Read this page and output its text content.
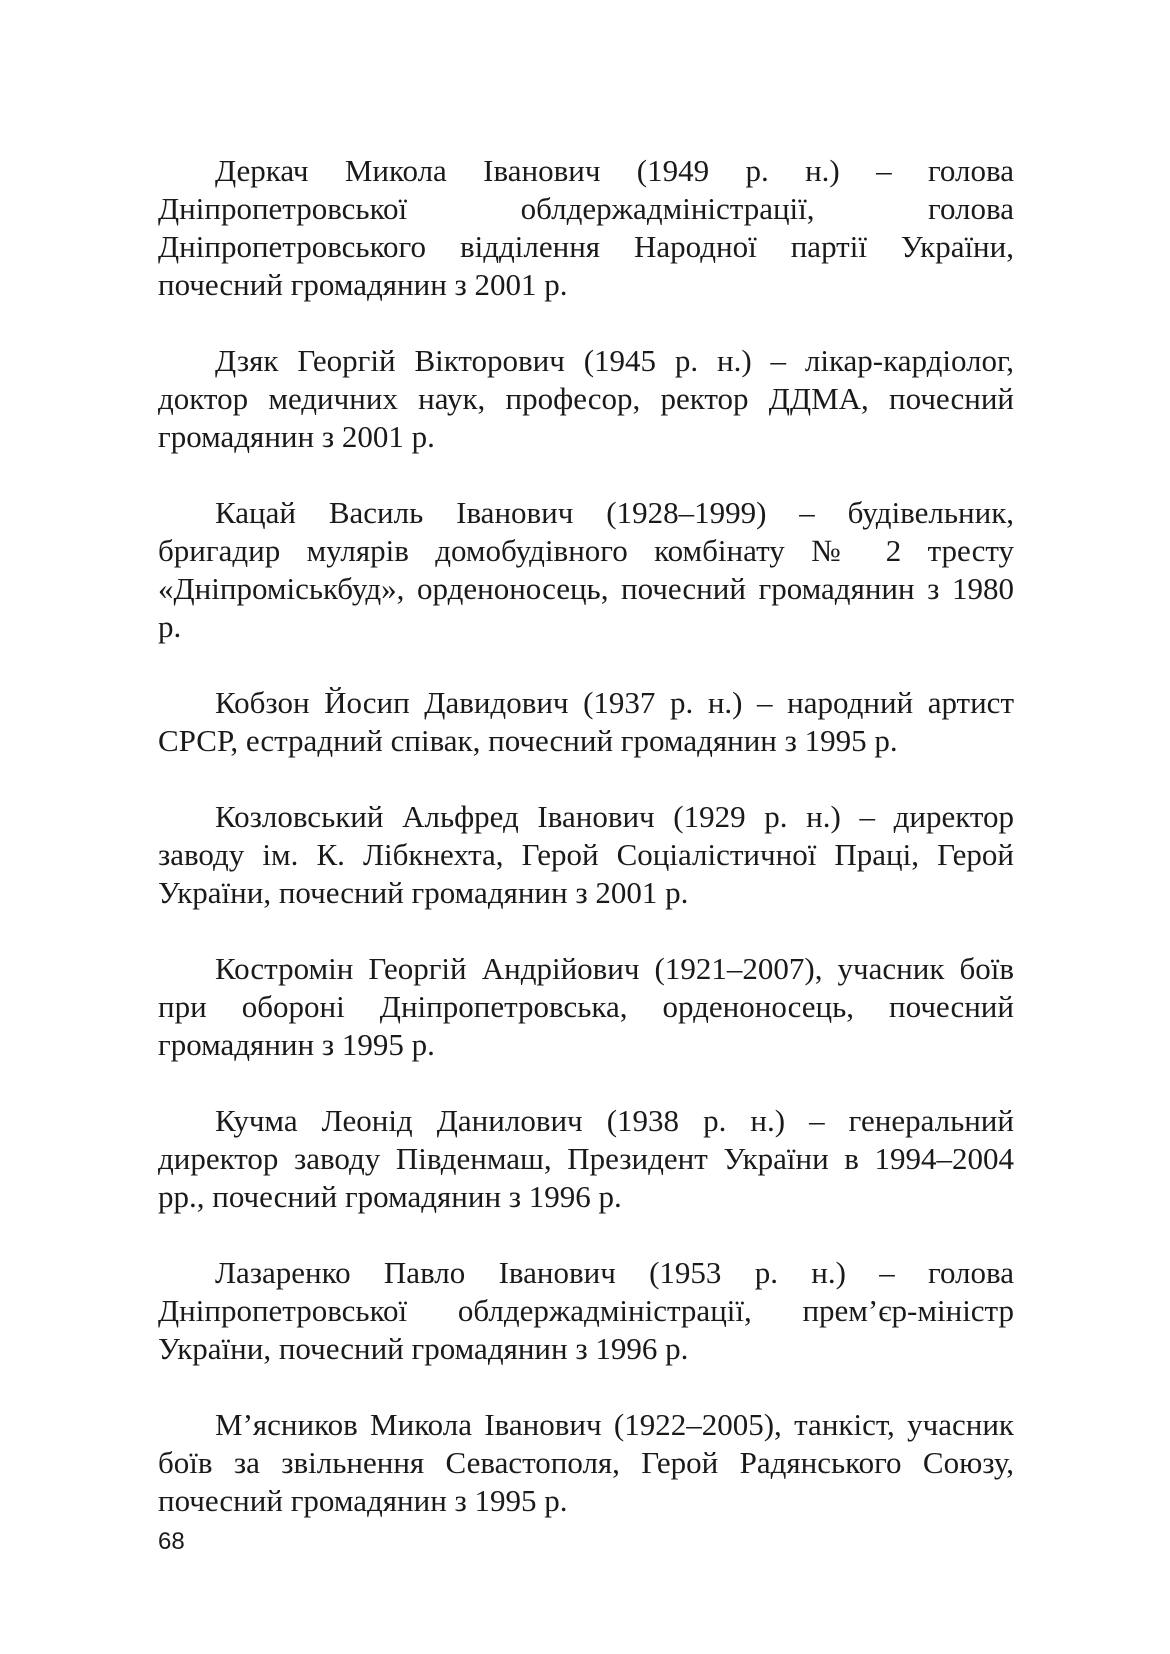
Деркач Микола Іванович (1949 р. н.) – голова Дніпропетровської облдержадміністрації, голова Дніпропетровського відділення Народної партії України, почесний громадянин з 2001 р.

Дзяк Георгій Вікторович (1945 р. н.) – лікар-кардіолог, доктор медичних наук, професор, ректор ДДМА, почесний громадянин з 2001 р.

Кацай Василь Іванович (1928–1999) – будівельник, бригадир мулярів домобудівного комбінату № 2 тресту «Дніпроміськбуд», орденоносець, почесний громадянин з 1980 р.

Кобзон Йосип Давидович (1937 р. н.) – народний артист СРСР, естрадний співак, почесний громадянин з 1995 р.

Козловський Альфред Іванович (1929 р. н.) – директор заводу ім. К. Лібкнехта, Герой Соціалістичної Праці, Герой України, почесний громадянин з 2001 р.

Костромін Георгій Андрійович (1921–2007), учасник боїв при обороні Дніпропетровська, орденоносець, почесний громадянин з 1995 р.

Кучма Леонід Данилович (1938 р. н.) – генеральний директор заводу Південмаш, Президент України в 1994–2004 рр., почесний громадянин з 1996 р.

Лазаренко Павло Іванович (1953 р. н.) – голова Дніпропетровської облдержадміністрації, прем’єр-міністр України, почесний громадянин з 1996 р.

М’ясников Микола Іванович (1922–2005), танкіст, учасник боїв за звільнення Севастополя, Герой Радянського Союзу, почесний громадянин з 1995 р.

68
